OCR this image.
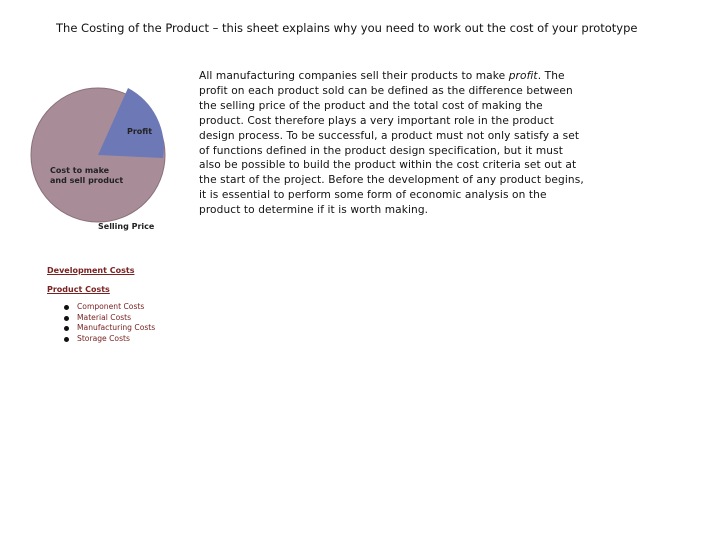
The Costing of the Product – this sheet explains why you need to work out the cost of your prototype
Profit
Cost to make
and sell product
Selling Price
All manufacturing companies sell their products to make profit. The profit on each product sold can be defined as the difference between the selling price of the product and the total cost of making the product. Cost therefore plays a very important role in the product design process. To be successful, a product must not only satisfy a set of functions defined in the product design specification, but it must also be possible to build the product within the cost criteria set out at the start of the project. Before the development of any product begins, it is essential to perform some form of economic analysis on the product to determine if it is worth making.
Development Costs
Product Costs
Component Costs
Material Costs
Manufacturing Costs
Storage Costs
